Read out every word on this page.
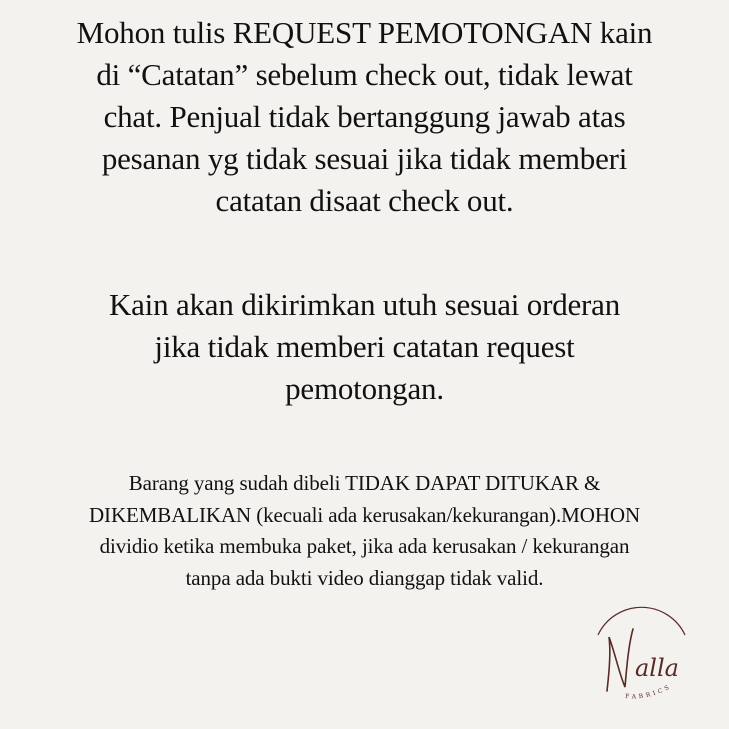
Mohon tulis REQUEST PEMOTONGAN kain
di “Catatan” sebelum check out, tidak lewat
chat. Penjual tidak bertanggung jawab atas
pesanan yg tidak sesuai jika tidak memberi
catatan disaat check out.
Kain akan dikirimkan utuh sesuai orderan
jika tidak memberi catatan request
pemotongan.
Barang yang sudah dibeli TIDAK DAPAT DITUKAR &
DIKEMBALIKAN (kecuali ada kerusakan/kekurangan).MOHON
dividio ketika membuka paket, jika ada kerusakan / kekurangan
tanpa ada bukti video dianggap tidak valid.
alla
FABRICS
